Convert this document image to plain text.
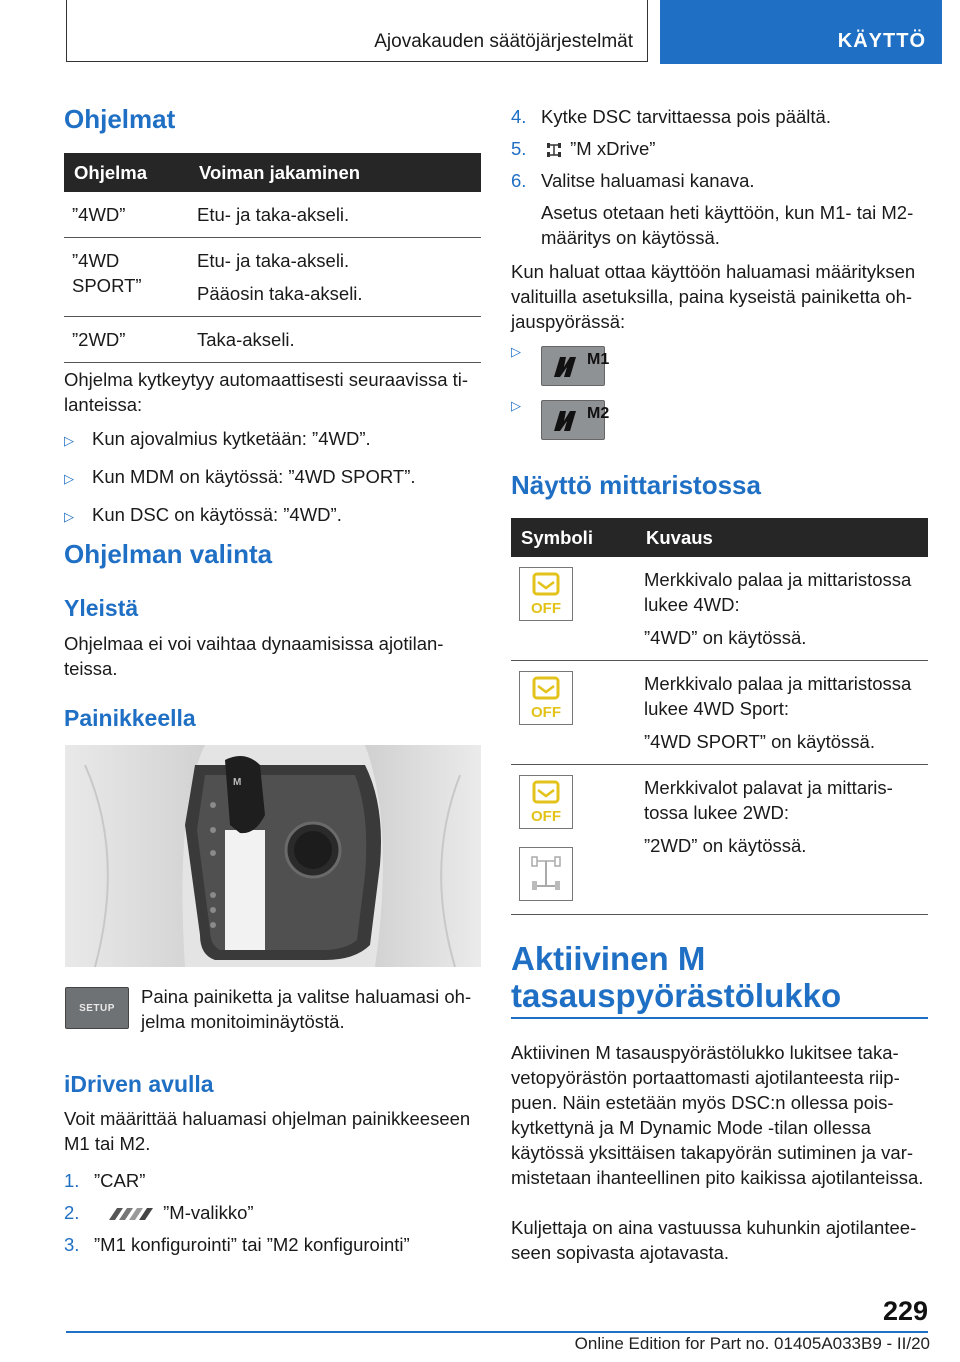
Ajovakauden säätöjärjestelmät	KÄYTTÖ
Ohjelmat
Ohjelma	Voiman jakaminen
”4WD”	Etu- ja taka-akseli.

”4WD SPORT”	Etu- ja taka-akseli.

Pääosin taka-akseli.

”2WD”	Taka-akseli.

Ohjelma kytkeytyy automaattisesti seuraavissa tilanteissa:
▷ Kun ajovalmius kytketään: ”4WD”.
▷ Kun MDM on käytössä: ”4WD SPORT”.
▷ Kun DSC on käytössä: ”4WD”.
Ohjelman valinta
Yleistä
Ohjelmaa ei voi vaihtaa dynaamisissa ajotilanteissa.
Painikkeella
M
SETUP
Paina painiketta ja valitse haluamasi ohjelma monitoiminäytöstä.
iDriven avulla
Voit määrittää haluamasi ohjelman painikkeeseen M1 tai M2.
1. ”CAR”
2.	”M-valikko”
3. ”M1 konfigurointi” tai ”M2 konfigurointi”
4. Kytke DSC tarvittaessa pois päältä.
5. ”M xDrive”
6. Valitse haluamasi kanava.
Asetus otetaan heti käyttöön, kun M1- tai M2-määritys on käytössä.
Kun haluat ottaa käyttöön haluamasi määrityksen valituilla asetuksilla, paina kyseistä painiketta ohjauspyörässä:
▷	M1
▷	M2
Näyttö mittaristossa
Symboli	Kuvaus

OFF	Merkkivalo palaa ja mittaristossa lukee 4WD:

”4WD” on käytössä.

OFF	Merkkivalo palaa ja mittaristossa lukee 4WD Sport:

”4WD SPORT” on käytössä.

OFF	Merkkivalot palavat ja mittaristossa lukee 2WD:

”2WD” on käytössä.

Aktiivinen M tasauspyörästölukko
Aktiivinen M tasauspyörästölukko lukitsee takavetopyörästön portaattomasti ajotilanteesta riippuen. Näin estetään myös DSC:n ollessa poiskytkettynä ja M Dynamic Mode -tilan ollessa käytössä yksittäisen takapyörän sutiminen ja varmistetaan ihanteellinen pito kaikissa ajotilanteissa.
Kuljettaja on aina vastuussa kuhunkin ajotilanteeseen sopivasta ajotavasta.
229
Online Edition for Part no. 01405A033B9 - II/20
